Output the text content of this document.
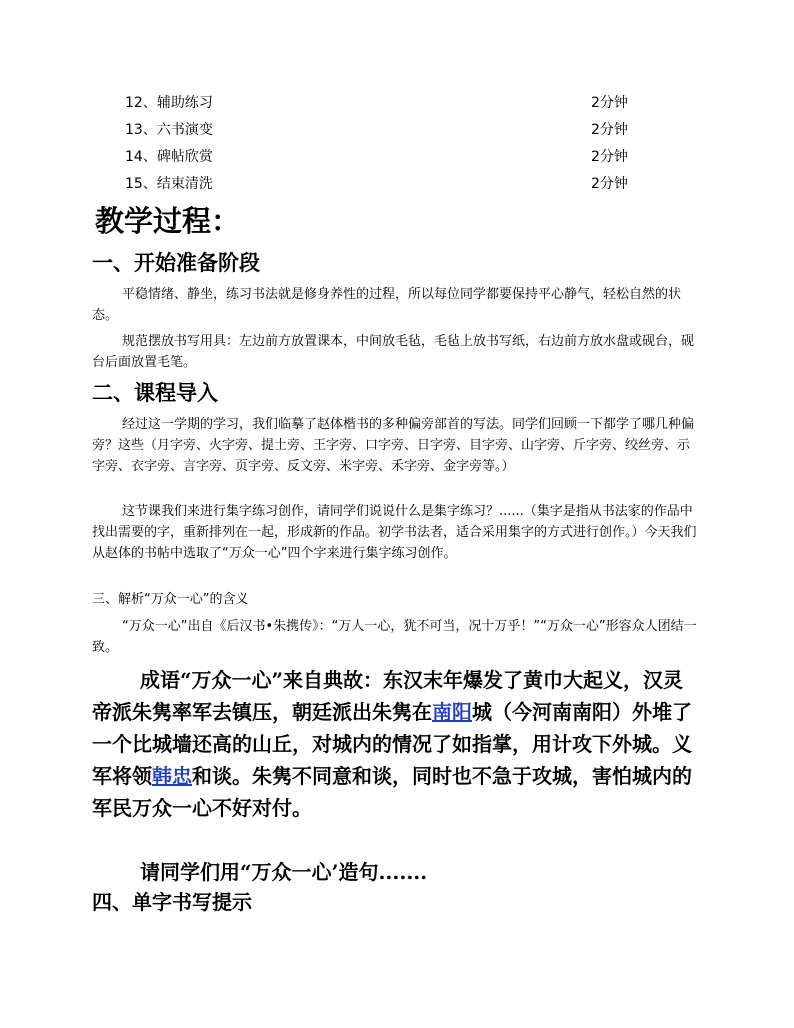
12、辅助练习	2分钟
13、六书演变	2分钟
14、碑帖欣赏	2分钟
15、结束清洗	2分钟
教学过程：
一、开始准备阶段
平稳情绪、静坐，练习书法就是修身养性的过程，所以每位同学都要保持平心静气，轻松自然的状态。
规范摆放书写用具：左边前方放置课本，中间放毛毡，毛毡上放书写纸，右边前方放水盘或砚台，砚台后面放置毛笔。
二、课程导入
经过这一学期的学习，我们临摹了赵体楷书的多种偏旁部首的写法。同学们回顾一下都学了哪几种偏旁？这些（月字旁、火字旁、提土旁、王字旁、口字旁、日字旁、目字旁、山字旁、斤字旁、绞丝旁、示字旁、衣字旁、言字旁、页字旁、反文旁、米字旁、禾字旁、金字旁等。）
这节课我们来进行集字练习创作，请同学们说说什么是集字练习？......（集字是指从书法家的作品中找出需要的字，重新排列在一起，形成新的作品。初学书法者，适合采用集字的方式进行创作。）今天我们从赵体的书帖中选取了“万众一心”四个字来进行集字练习创作。
三、解析“万众一心”的含义
“万众一心”出自《后汉书•朱携传》：“万人一心，犹不可当，况十万乎！”“万众一心”形容众人团结一致。
成语“万众一心”来自典故：东汉末年爆发了黄巾大起义，汉灵帝派朱隽率军去镇压，朝廷派出朱隽在南阳城（今河南南阳）外堆了一个比城墙还高的山丘，对城内的情况了如指掌，用计攻下外城。义军将领韩忠和谈。朱隽不同意和谈，同时也不急于攻城，害怕城内的军民万众一心不好对付。
请同学们用“万众一心’造句.......
四、单字书写提示
